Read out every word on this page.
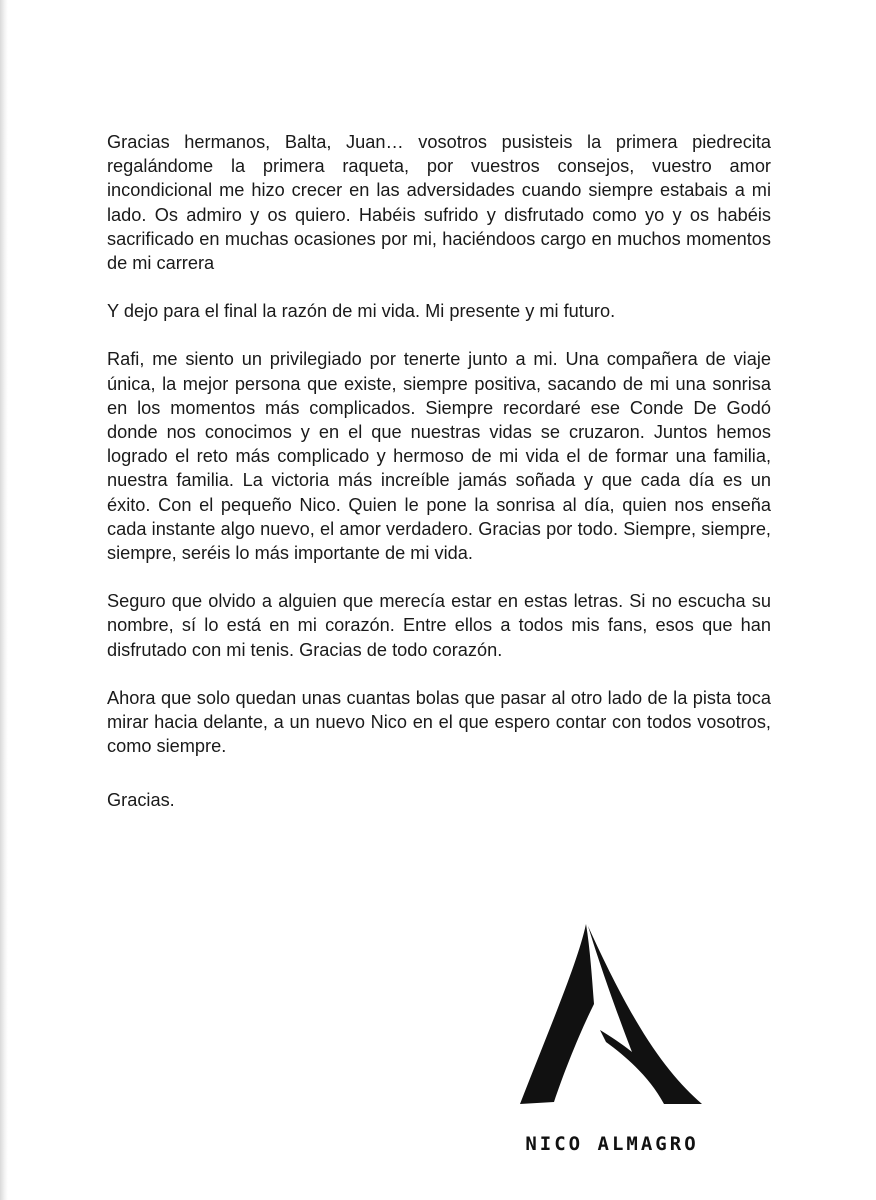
Gracias hermanos, Balta, Juan… vosotros pusisteis la primera piedrecita regalándome la primera raqueta, por vuestros consejos, vuestro amor incondicional me hizo crecer en las adversidades cuando siempre estabais a mi lado. Os admiro y os quiero. Habéis sufrido y disfrutado como yo y os habéis sacrificado en muchas ocasiones por mi, haciéndoos cargo en muchos momentos de mi carrera

Y dejo para el final la razón de mi vida. Mi presente y mi futuro.

Rafi, me siento un privilegiado por tenerte junto a mi. Una compañera de viaje única, la mejor persona que existe, siempre positiva, sacando de mi una sonrisa en los momentos más complicados. Siempre recordaré ese Conde De Godó donde nos conocimos y en el que nuestras vidas se cruzaron. Juntos hemos logrado el reto más complicado y hermoso de mi vida el de formar una familia, nuestra familia. La victoria más increíble jamás soñada y que cada día es un éxito. Con el pequeño Nico. Quien le pone la sonrisa al día, quien nos enseña cada instante algo nuevo, el amor verdadero. Gracias por todo. Siempre, siempre, siempre, seréis lo más importante de mi vida.

Seguro que olvido a alguien que merecía estar en estas letras. Si no escucha su nombre, sí lo está en mi corazón. Entre ellos a todos mis fans, esos que han disfrutado con mi tenis. Gracias de todo corazón.

Ahora que solo quedan unas cuantas bolas que pasar al otro lado de la pista toca mirar hacia delante, a un nuevo Nico en el que espero contar con todos vosotros, como siempre.

Gracias.

NICO ALMAGRO
